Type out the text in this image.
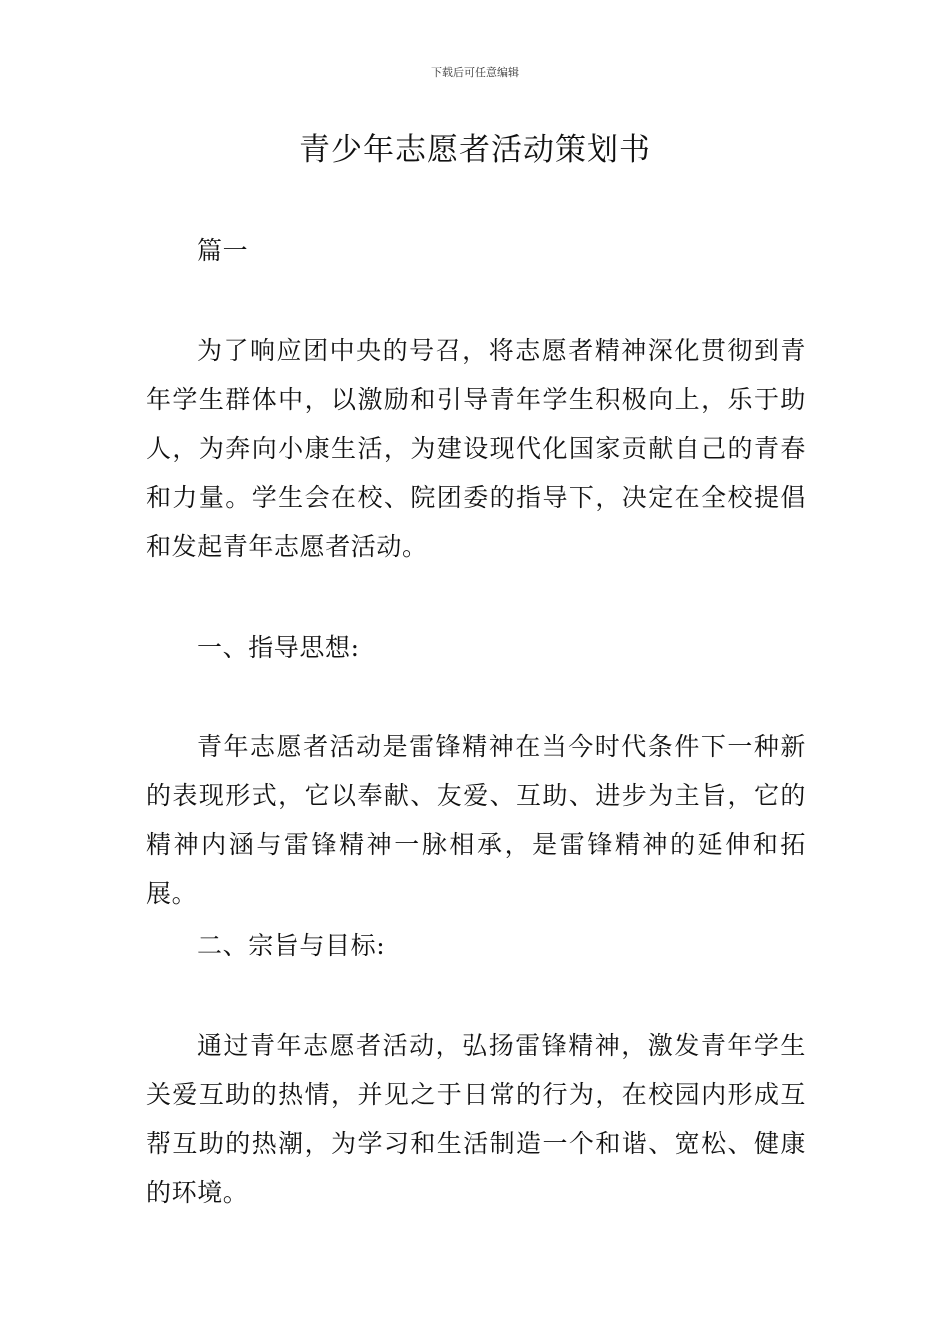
下载后可任意编辑
青少年志愿者活动策划书

篇一

为了响应团中央的号召，将志愿者精神深化贯彻到青年学生群体中，以激励和引导青年学生积极向上，乐于助人，为奔向小康生活，为建设现代化国家贡献自己的青春和力量。学生会在校、院团委的指导下，决定在全校提倡和发起青年志愿者活动。

一、指导思想:

青年志愿者活动是雷锋精神在当今时代条件下一种新的表现形式，它以奉献、友爱、互助、进步为主旨，它的精神内涵与雷锋精神一脉相承，是雷锋精神的延伸和拓展。

二、宗旨与目标:

通过青年志愿者活动，弘扬雷锋精神，激发青年学生关爱互助的热情，并见之于日常的行为，在校园内形成互帮互助的热潮，为学习和生活制造一个和谐、宽松、健康的环境。
